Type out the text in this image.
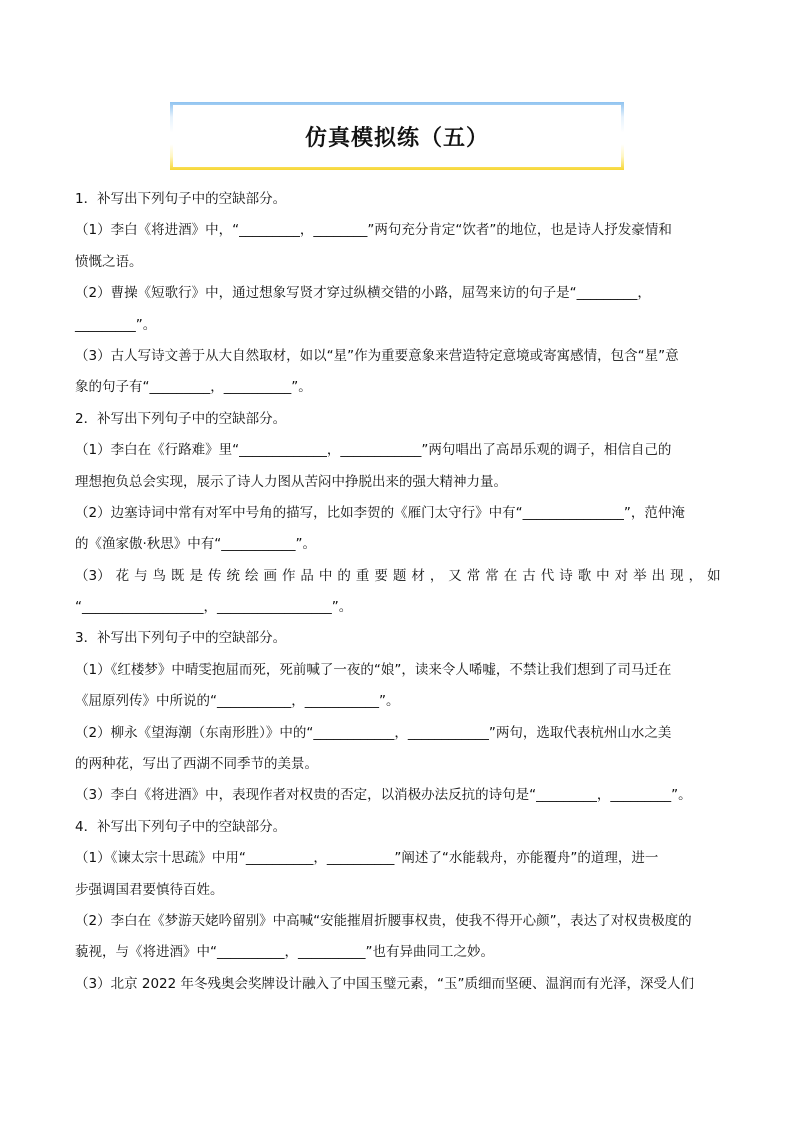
仿真模拟练（五）
1．补写出下列句子中的空缺部分。
（1）李白《将进酒》中，“_________，________”两句充分肯定“饮者”的地位，也是诗人抒发豪情和
愤慨之语。
（2）曹操《短歌行》中，通过想象写贤才穿过纵横交错的小路，屈驾来访的句子是“_________，
_________”。
（3）古人写诗文善于从大自然取材，如以“星”作为重要意象来营造特定意境或寄寓感情，包含“星”意
象的句子有“_________，__________”。
2．补写出下列句子中的空缺部分。
（1）李白在《行路难》里“_____________，____________”两句唱出了高昂乐观的调子，相信自己的
理想抱负总会实现，展示了诗人力图从苦闷中挣脱出来的强大精神力量。
（2）边塞诗词中常有对军中号角的描写，比如李贺的《雁门太守行》中有“_______________”，范仲淹
的《渔家傲·秋思》中有“___________”。
（3） 花 与 鸟 既 是 传 统 绘 画 作 品 中 的 重 要 题 材 ， 又 常 常 在 古 代 诗 歌 中 对 举 出 现 ， 如
“__________________，_________________”。
3．补写出下列句子中的空缺部分。
（1）《红楼梦》中晴雯抱屈而死，死前喊了一夜的“娘”，读来令人唏嘘，不禁让我们想到了司马迁在
《屈原列传》中所说的“___________，___________”。
（2）柳永《望海潮（东南形胜）》中的“____________，____________”两句，选取代表杭州山水之美
的两种花，写出了西湖不同季节的美景。
（3）李白《将进酒》中，表现作者对权贵的否定，以消极办法反抗的诗句是“_________，_________”。
4．补写出下列句子中的空缺部分。
（1）《谏太宗十思疏》中用“__________，__________”阐述了“水能载舟，亦能覆舟”的道理，进一
步强调国君要慎待百姓。
（2）李白在《梦游天姥吟留别》中高喊“安能摧眉折腰事权贵，使我不得开心颜”，表达了对权贵极度的
藐视，与《将进酒》中“__________，__________”也有异曲同工之妙。
（3）北京 2022 年冬残奥会奖牌设计融入了中国玉璧元素，“玉”质细而坚硬、温润而有光泽，深受人们
